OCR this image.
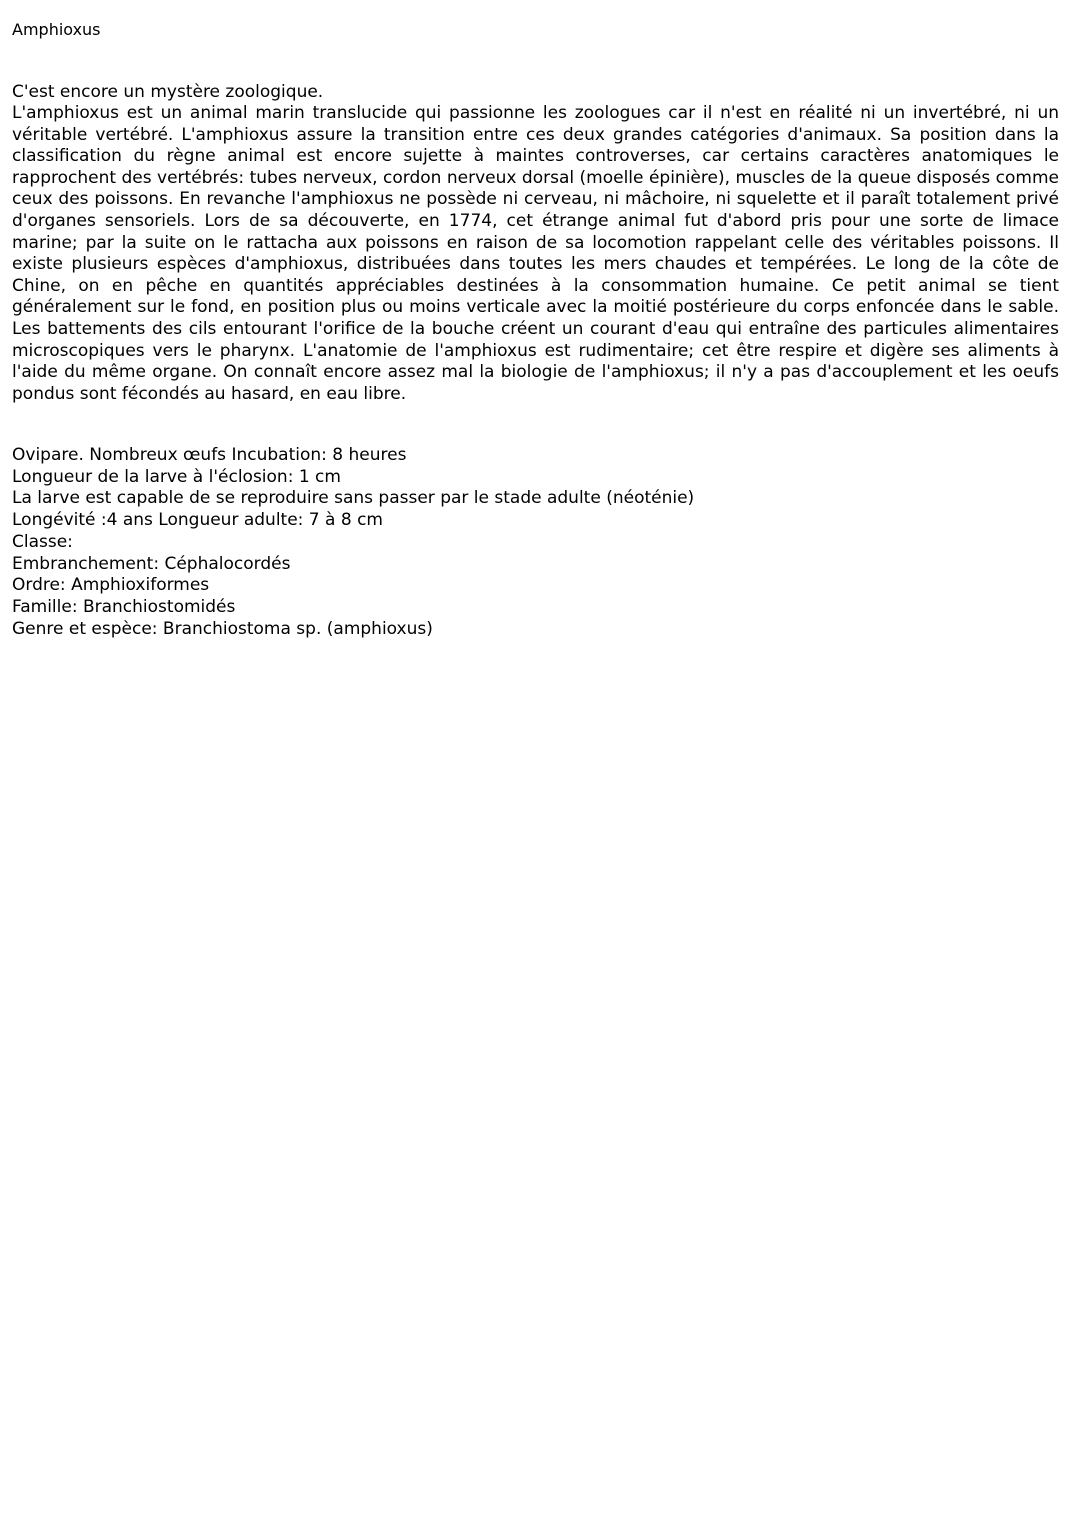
Amphioxus

C'est encore un mystère zoologique.

L'amphioxus est un animal marin translucide qui passionne les zoologues car il n'est en réalité ni un invertébré, ni un véritable vertébré. L'amphioxus assure la transition entre ces deux grandes catégories d'animaux. Sa position dans la classification du règne animal est encore sujette à maintes controverses, car certains caractères anatomiques le rapprochent des vertébrés: tubes nerveux, cordon nerveux dorsal (moelle épinière), muscles de la queue disposés comme ceux des poissons. En revanche l'amphioxus ne possède ni cerveau, ni mâchoire, ni squelette et il paraît totalement privé d'organes sensoriels. Lors de sa découverte, en 1774, cet étrange animal fut d'abord pris pour une sorte de limace marine; par la suite on le rattacha aux poissons en raison de sa locomotion rappelant celle des véritables poissons. Il existe plusieurs espèces d'amphioxus, distribuées dans toutes les mers chaudes et tempérées. Le long de la côte de Chine, on en pêche en quantités appréciables destinées à la consommation humaine. Ce petit animal se tient généralement sur le fond, en position plus ou moins verticale avec la moitié postérieure du corps enfoncée dans le sable. Les battements des cils entourant l'orifice de la bouche créent un courant d'eau qui entraîne des particules alimentaires microscopiques vers le pharynx. L'anatomie de l'amphioxus est rudimentaire; cet être respire et digère ses aliments à l'aide du même organe. On connaît encore assez mal la biologie de l'amphioxus; il n'y a pas d'accouplement et les oeufs pondus sont fécondés au hasard, en eau libre.

Ovipare. Nombreux œufs Incubation: 8 heures
Longueur de la larve à l'éclosion: 1 cm
La larve est capable de se reproduire sans passer par le stade adulte (néoténie)
Longévité :4 ans Longueur adulte: 7 à 8 cm
Classe:
Embranchement: Céphalocordés
Ordre: Amphioxiformes
Famille: Branchiostomidés
Genre et espèce: Branchiostoma sp. (amphioxus)
